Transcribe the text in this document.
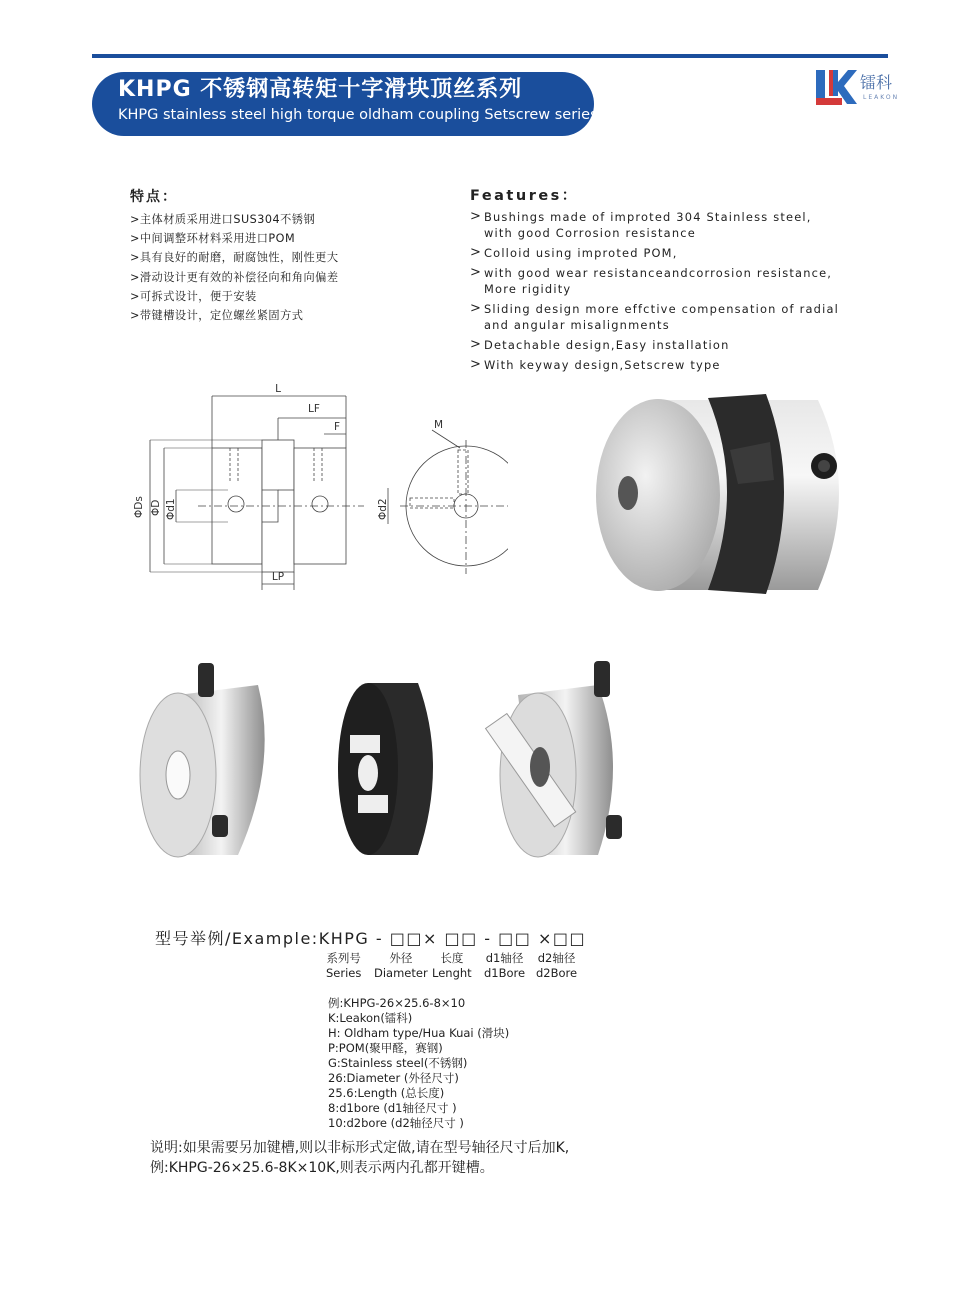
KHPG 不锈钢高转矩十字滑块顶丝系列
KHPG stainless steel high torque oldham coupling Setscrew series
镭科
LEAKON
特点：
>主体材质采用进口SUS304不锈钢
>中间调整环材料采用进口POM
>具有良好的耐磨，耐腐蚀性，刚性更大
>滑动设计更有效的补偿径向和角向偏差
>可拆式设计，便于安装
>带键槽设计，定位螺丝紧固方式
Features：
> Bushings made of improted 304 Stainless steel,
with good Corrosion resistance
> Colloid using improted POM,
> with good wear resistanceandcorrosion resistance,
More rigidity
> Sliding design more effctive compensation of radial
and angular misalignments
> Detachable design,Easy installation
> With keyway design,Setscrew type
L
LF
F
LP
M
ΦDs ΦD Φd1	Φd2
型号举例/Example:KHPG - □□× □□ - □□ ×□□
系列号
Series
外径
Diameter
长度
Lenght
d1轴径
d1Bore
d2轴径
d2Bore
例:KHPG-26×25.6-8×10
K:Leakon(镭科)
H: Oldham type/Hua Kuai (滑块)
P:POM(聚甲醛，赛钢)
G:Stainless steel(不锈钢)
26:Diameter (外径尺寸)
25.6:Length (总长度)
8:d1bore (d1轴径尺寸 )
10:d2bore (d2轴径尺寸 )
说明:如果需要另加键槽,则以非标形式定做,请在型号轴径尺寸后加K,
例:KHPG-26×25.6-8K×10K,则表示两内孔都开键槽。
